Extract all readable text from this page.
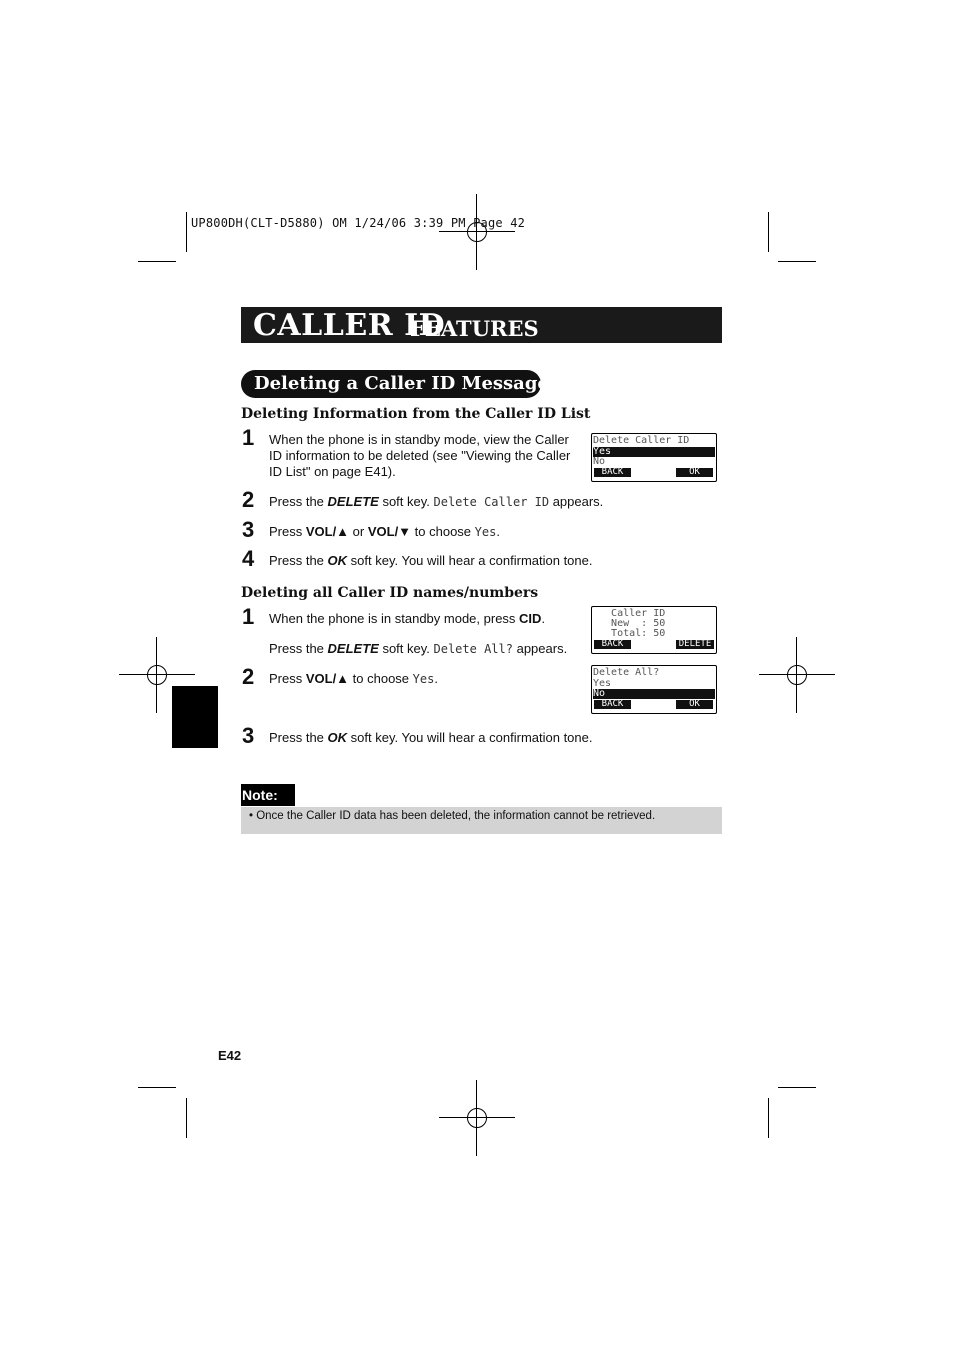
UP800DH(CLT-D5880) OM 1/24/06 3:39 PM Page 42
CALLER ID
FEATURES
Deleting a Caller ID Message
Deleting Information from the Caller ID List
1 When the phone is in standby mode, view the Caller ID information to be deleted (see "Viewing the Caller ID List" on page E41).
2 Press the DELETE soft key. Delete Caller ID appears.
3 Press VOL/▲ or VOL/▼ to choose Yes.
4 Press the OK soft key. You will hear a confirmation tone.
Delete Caller ID
Yes
No
BACK	OK
Deleting all Caller ID names/numbers
1 When the phone is in standby mode, press CID.
Press the DELETE soft key. Delete All? appears.
2 Press VOL/▲ to choose Yes.
3 Press the OK soft key. You will hear a confirmation tone.
Caller ID
New  : 50
Total: 50
BACK	DELETE
Delete All?
Yes
No
BACK	OK
Note:
• Once the Caller ID data has been deleted, the information cannot be retrieved.
E42
